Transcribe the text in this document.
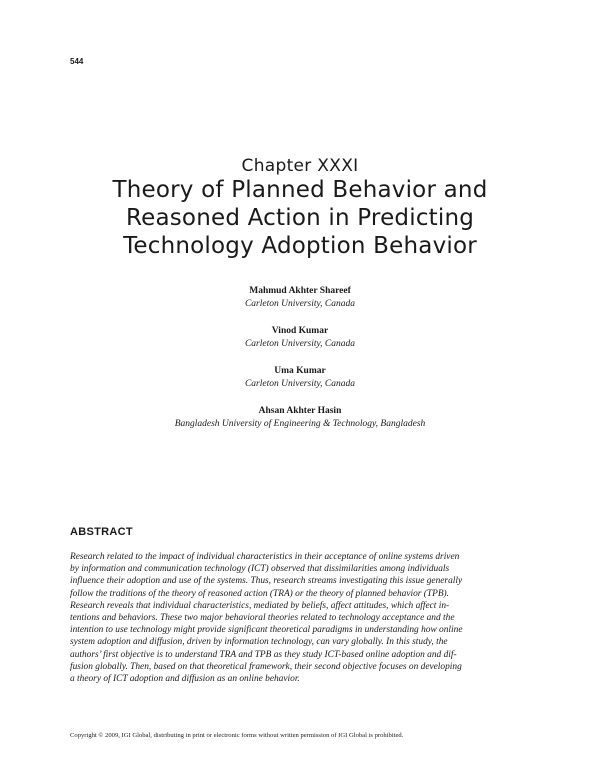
544
Chapter XXXI
Theory of Planned Behavior and
Reasoned Action in Predicting
Technology Adoption Behavior
Mahmud Akhter Shareef
Carleton University, Canada
Vinod Kumar
Carleton University, Canada
Uma Kumar
Carleton University, Canada
Ahsan Akhter Hasin
Bangladesh University of Engineering & Technology, Bangladesh
ABSTRACT
Research related to the impact of individual characteristics in their acceptance of online systems driven
by information and communication technology (ICT) observed that dissimilarities among individuals
influence their adoption and use of the systems. Thus, research streams investigating this issue generally
follow the traditions of the theory of reasoned action (TRA) or the theory of planned behavior (TPB).
Research reveals that individual characteristics, mediated by beliefs, affect attitudes, which affect in-
tentions and behaviors. These two major behavioral theories related to technology acceptance and the
intention to use technology might provide significant theoretical paradigms in understanding how online
system adoption and diffusion, driven by information technology, can vary globally. In this study, the
authors’ first objective is to understand TRA and TPB as they study ICT-based online adoption and dif-
fusion globally. Then, based on that theoretical framework, their second objective focuses on developing
a theory of ICT adoption and diffusion as an online behavior.
Copyright © 2009, IGI Global, distributing in print or electronic forms without written permission of IGI Global is prohibited.
